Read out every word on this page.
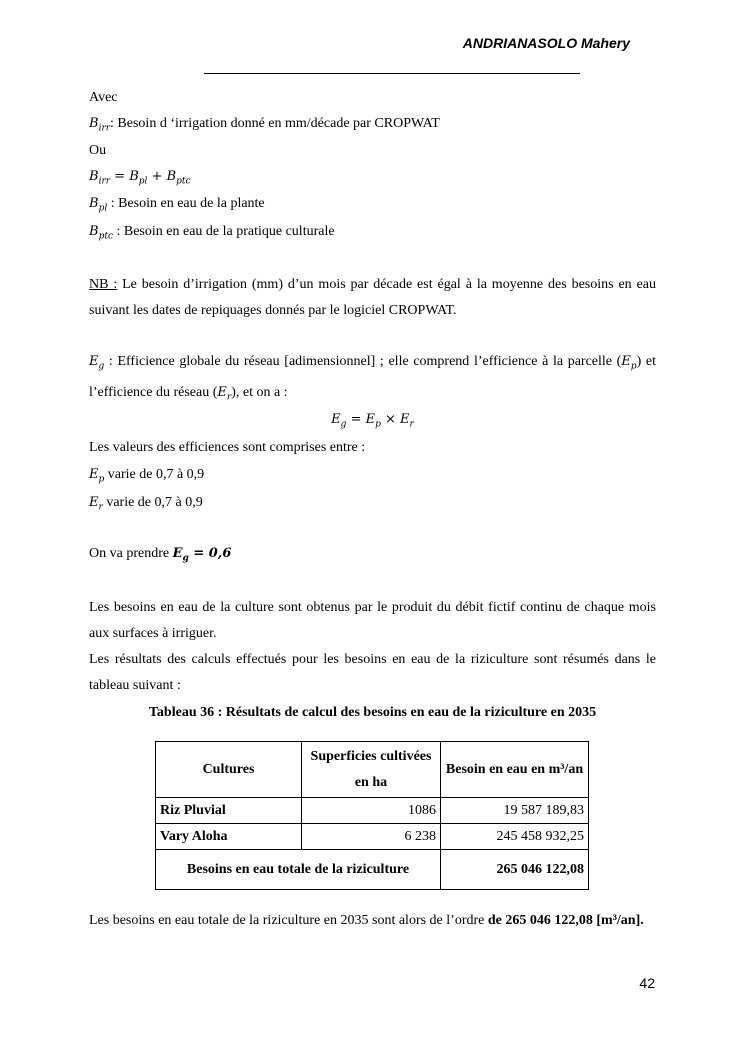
ANDRIANASOLO Mahery
Avec
$B_{irr}$: Besoin d ‘irrigation donné en mm/décade par CROPWAT
Ou
$B_{irr} = B_{pl} + B_{ptc}$
$B_{pl}$ : Besoin en eau de la plante
$B_{ptc}$ : Besoin en eau de la pratique culturale
NB : Le besoin d’irrigation (mm) d’un mois par décade est égal à la moyenne des besoins en eau suivant les dates de repiquages donnés par le logiciel CROPWAT.
$E_g$ : Efficience globale du réseau [adimensionnel] ; elle comprend l’efficience à la parcelle $(E_p)$ et l’efficience du réseau $(E_r)$, et on a :
$E_g = E_p \times E_r$
Les valeurs des efficiences sont comprises entre :
$E_p$ varie de 0,7 à 0,9
$E_r$ varie de 0,7 à 0,9
On va prendre $E_g = 0,6$
Les besoins en eau de la culture sont obtenus par le produit du débit fictif continu de chaque mois aux surfaces à irriguer.
Les résultats des calculs effectués pour les besoins en eau de la riziculture sont résumés dans le tableau suivant :
Tableau 36 : Résultats de calcul des besoins en eau de la riziculture en 2035
Cultures	Superficies cultivées en ha	Besoin en eau en m³/an
Riz Pluvial	1086	19 587 189,83
Vary Aloha	6 238	245 458 932,25
Besoins en eau totale de la riziculture		265 046 122,08
Les besoins en eau totale de la riziculture en 2035 sont alors de l’ordre de 265 046 122,08 [m³/an].
42
